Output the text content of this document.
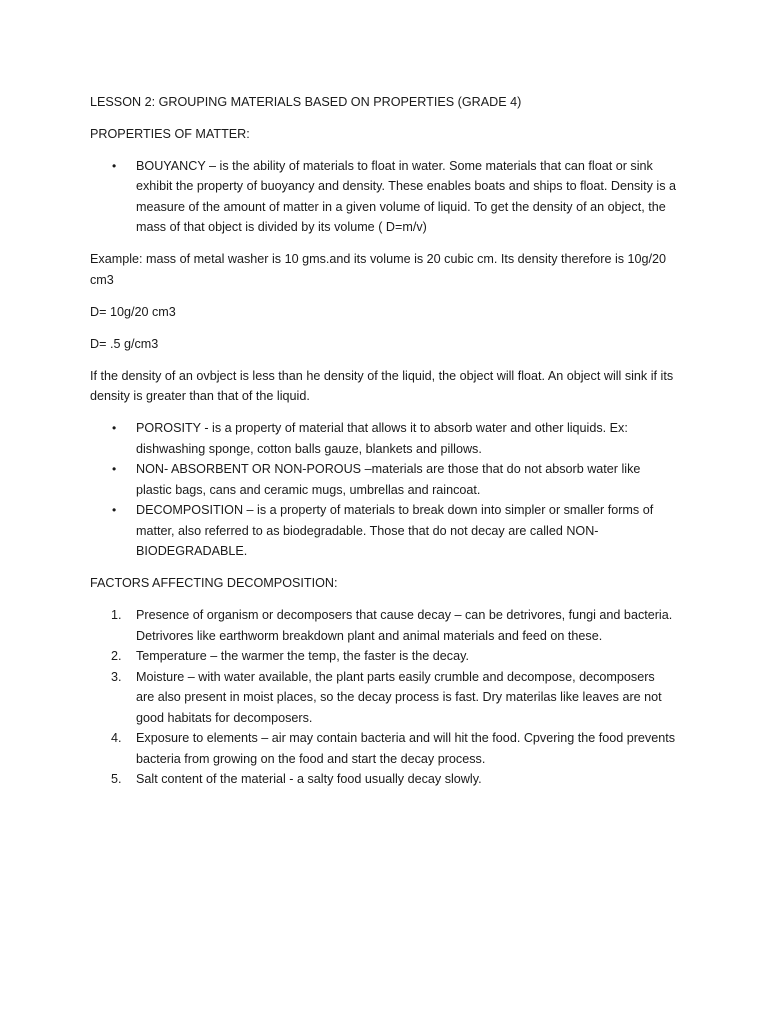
LESSON 2: GROUPING MATERIALS BASED ON PROPERTIES (GRADE 4)

PROPERTIES OF MATTER:

• BOUYANCY – is the ability of materials to float in water. Some materials that can float or sink exhibit the property of buoyancy and density. These enables boats and ships to float. Density is a measure of the amount of matter in a given volume of liquid. To get the density of an object, the mass of that object is divided by its volume ( D=m/v)

Example: mass of metal washer is 10 gms.and its volume is 20 cubic cm. Its density therefore is 10g/20 cm3

D= 10g/20 cm3

D= .5 g/cm3

If the density of an ovbject is less than he density of the liquid, the object will float. An object will sink if its density is greater than that of the liquid.

• POROSITY - is a property of material that allows it to absorb water and other liquids. Ex: dishwashing sponge, cotton balls gauze, blankets and pillows.
• NON- ABSORBENT OR NON-POROUS –materials are those that do not absorb water like plastic bags, cans and ceramic mugs, umbrellas and raincoat.
• DECOMPOSITION – is a property of materials to break down into simpler or smaller forms of matter, also referred to as biodegradable. Those that do not decay are called NON-BIODEGRADABLE.

FACTORS AFFECTING DECOMPOSITION:

1. Presence of organism or decomposers that cause decay – can be detrivores, fungi and bacteria. Detrivores like earthworm breakdown plant and animal materials and feed on these.
2. Temperature – the warmer the temp, the faster is the decay.
3. Moisture – with water available, the plant parts easily crumble and decompose, decomposers are also present in moist places, so the decay process is fast. Dry materilas like leaves are not good habitats for decomposers.
4. Exposure to elements – air may contain bacteria and will hit the food. Cpvering the food prevents bacteria from growing on the food and start the decay process.
5. Salt content of the material - a salty food usually decay slowly.
